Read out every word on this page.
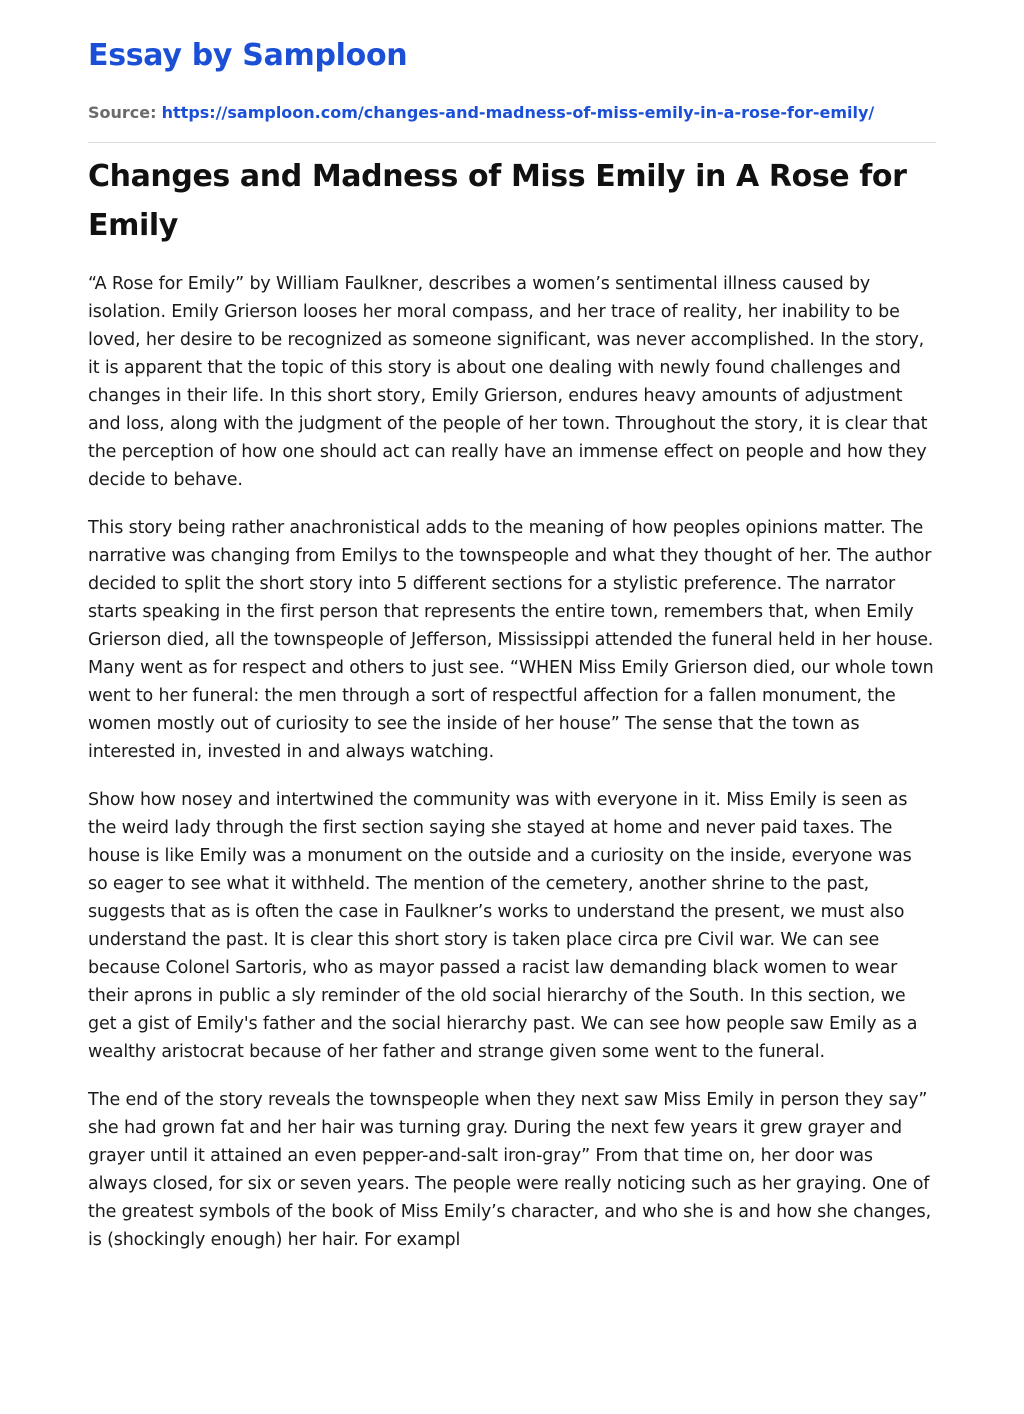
Essay by Samploon
Source: https://samploon.com/changes-and-madness-of-miss-emily-in-a-rose-for-emily/
Changes and Madness of Miss Emily in A Rose for Emily

“A Rose for Emily” by William Faulkner, describes a women’s sentimental illness caused by isolation. Emily Grierson looses her moral compass, and her trace of reality, her inability to be loved, her desire to be recognized as someone significant, was never accomplished. In the story, it is apparent that the topic of this story is about one dealing with newly found challenges and changes in their life. In this short story, Emily Grierson, endures heavy amounts of adjustment and loss, along with the judgment of the people of her town. Throughout the story, it is clear that the perception of how one should act can really have an immense effect on people and how they decide to behave.

This story being rather anachronistical adds to the meaning of how peoples opinions matter. The narrative was changing from Emilys to the townspeople and what they thought of her. The author decided to split the short story into 5 different sections for a stylistic preference. The narrator starts speaking in the first person that represents the entire town, remembers that, when Emily Grierson died, all the townspeople of Jefferson, Mississippi attended the funeral held in her house. Many went as for respect and others to just see. “WHEN Miss Emily Grierson died, our whole town went to her funeral: the men through a sort of respectful affection for a fallen monument, the women mostly out of curiosity to see the inside of her house” The sense that the town as interested in, invested in and always watching.

Show how nosey and intertwined the community was with everyone in it. Miss Emily is seen as the weird lady through the first section saying she stayed at home and never paid taxes. The house is like Emily was a monument on the outside and a curiosity on the inside, everyone was so eager to see what it withheld. The mention of the cemetery, another shrine to the past, suggests that as is often the case in Faulkner’s works to understand the present, we must also understand the past. It is clear this short story is taken place circa pre Civil war. We can see because Colonel Sartoris, who as mayor passed a racist law demanding black women to wear their aprons in public a sly reminder of the old social hierarchy of the South. In this section, we get a gist of Emily's father and the social hierarchy past. We can see how people saw Emily as a wealthy aristocrat because of her father and strange given some went to the funeral.

The end of the story reveals the townspeople when they next saw Miss Emily in person they say” she had grown fat and her hair was turning gray. During the next few years it grew grayer and grayer until it attained an even pepper-and-salt iron-gray” From that time on, her door was always closed, for six or seven years. The people were really noticing such as her graying. One of the greatest symbols of the book of Miss Emily’s character, and who she is and how she changes, is (shockingly enough) her hair. For exampl
